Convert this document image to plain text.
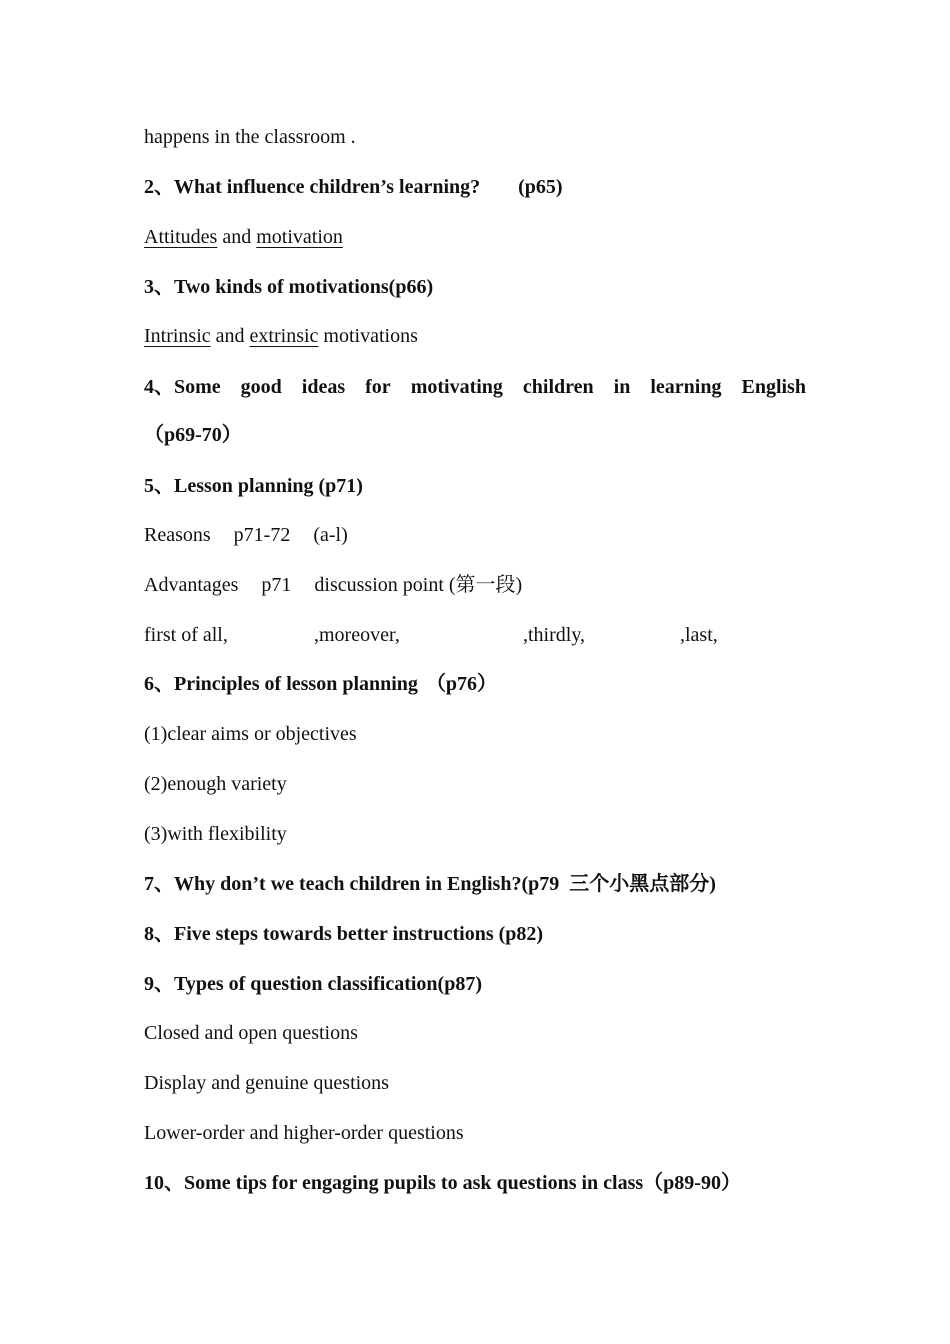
happens in the classroom .
2、What influence children’s learning? (p65)
Attitudes and motivation
3、Two kinds of motivations(p66)
Intrinsic and extrinsic motivations
4、Some good ideas for motivating children in learning English
（p69-70）
5、Lesson planning (p71)
Reasons p71-72 (a-l)
Advantages p71 discussion point (第一段)
first of all,	,moreover,	,thirdly,	,last,
6、Principles of lesson planning （p76）
(1)clear aims or objectives
(2)enough variety
(3)with flexibility
7、Why don’t we teach children in English?(p79  三个小黑点部分)
8、Five steps towards better instructions (p82)
9、Types of question classification(p87)
Closed and open questions
Display and genuine questions
Lower-order and higher-order questions
10、Some tips for engaging pupils to ask questions in class（p89-90）
